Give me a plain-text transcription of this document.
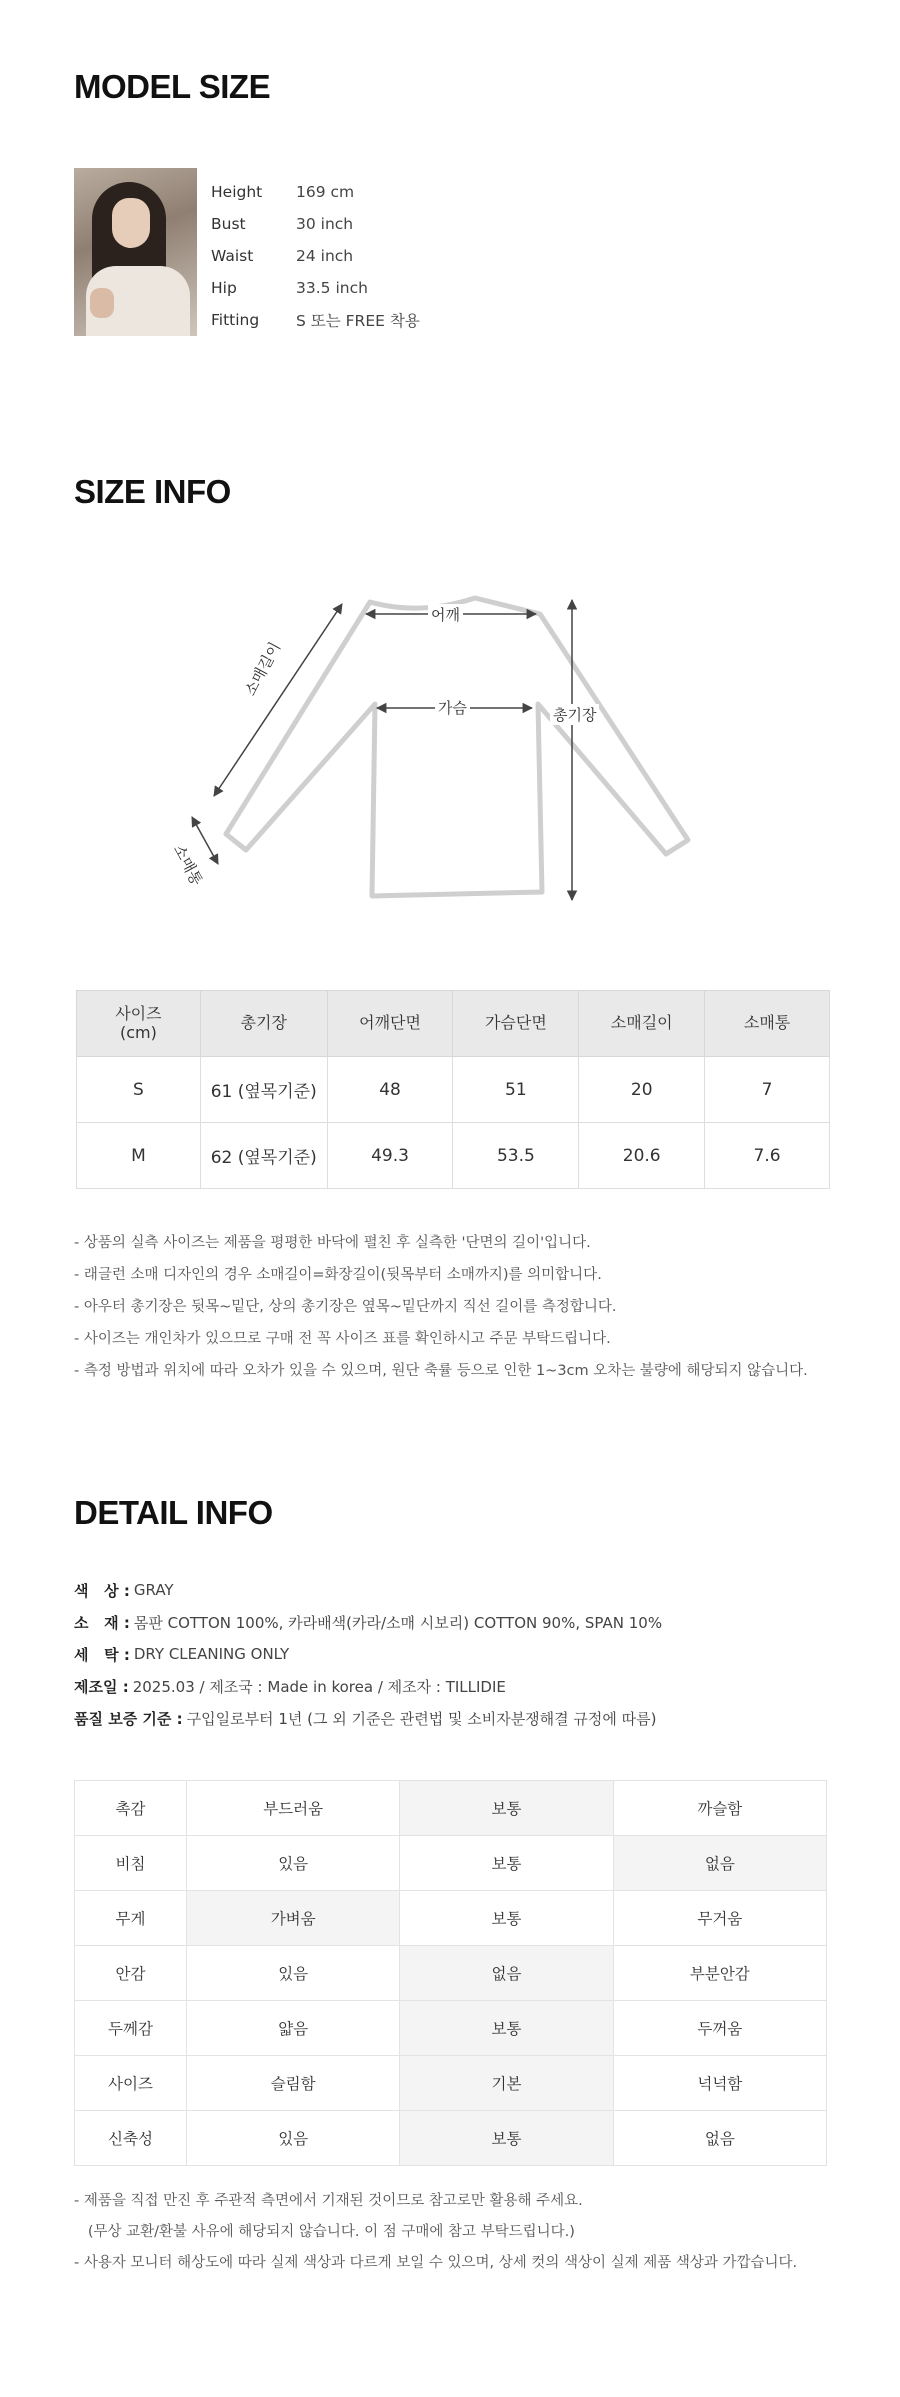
MODEL SIZE
Height	169 cm
Bust	30 inch
Waist	24 inch
Hip	33.5 inch
Fitting	S 또는 FREE 착용
SIZE INFO
어깨
가슴	총기장
소매길이
소매통
사이즈
(cm)	총기장	어깨단면	가슴단면	소매길이	소매통
S	61 (옆목기준)	48	51	20	7
M	62 (옆목기준)	49.3	53.5	20.6	7.6
- 상품의 실측 사이즈는 제품을 평평한 바닥에 펼친 후 실측한 '단면의 길이'입니다.
- 래글런 소매 디자인의 경우 소매길이=화장길이(뒷목부터 소매까지)를 의미합니다.
- 아우터 총기장은 뒷목~밑단, 상의 총기장은 옆목~밑단까지 직선 길이를 측정합니다.
- 사이즈는 개인차가 있으므로 구매 전 꼭 사이즈 표를 확인하시고 주문 부탁드립니다.
- 측정 방법과 위치에 따라 오차가 있을 수 있으며, 원단 축률 등으로 인한 1~3cm 오차는 불량에 해당되지 않습니다.
DETAIL INFO
색   상 : GRAY
소   재 : 몸판 COTTON 100%, 카라배색(카라/소매 시보리) COTTON 90%, SPAN 10%
세   탁 : DRY CLEANING ONLY
제조일 : 2025.03 / 제조국 : Made in korea / 제조자 : TILLIDIE
품질 보증 기준 : 구입일로부터 1년 (그 외 기준은 관련법 및 소비자분쟁해결 규정에 따름)
촉감	부드러움	보통	까슬함
비침	있음	보통	없음
무게	가벼움	보통	무거움
안감	있음	없음	부분안감
두께감	얇음	보통	두꺼움
사이즈	슬림함	기본	넉넉함
신축성	있음	보통	없음
- 제품을 직접 만진 후 주관적 측면에서 기재된 것이므로 참고로만 활용해 주세요.
(무상 교환/환불 사유에 해당되지 않습니다. 이 점 구매에 참고 부탁드립니다.)
- 사용자 모니터 해상도에 따라 실제 색상과 다르게 보일 수 있으며, 상세 컷의 색상이 실제 제품 색상과 가깝습니다.
